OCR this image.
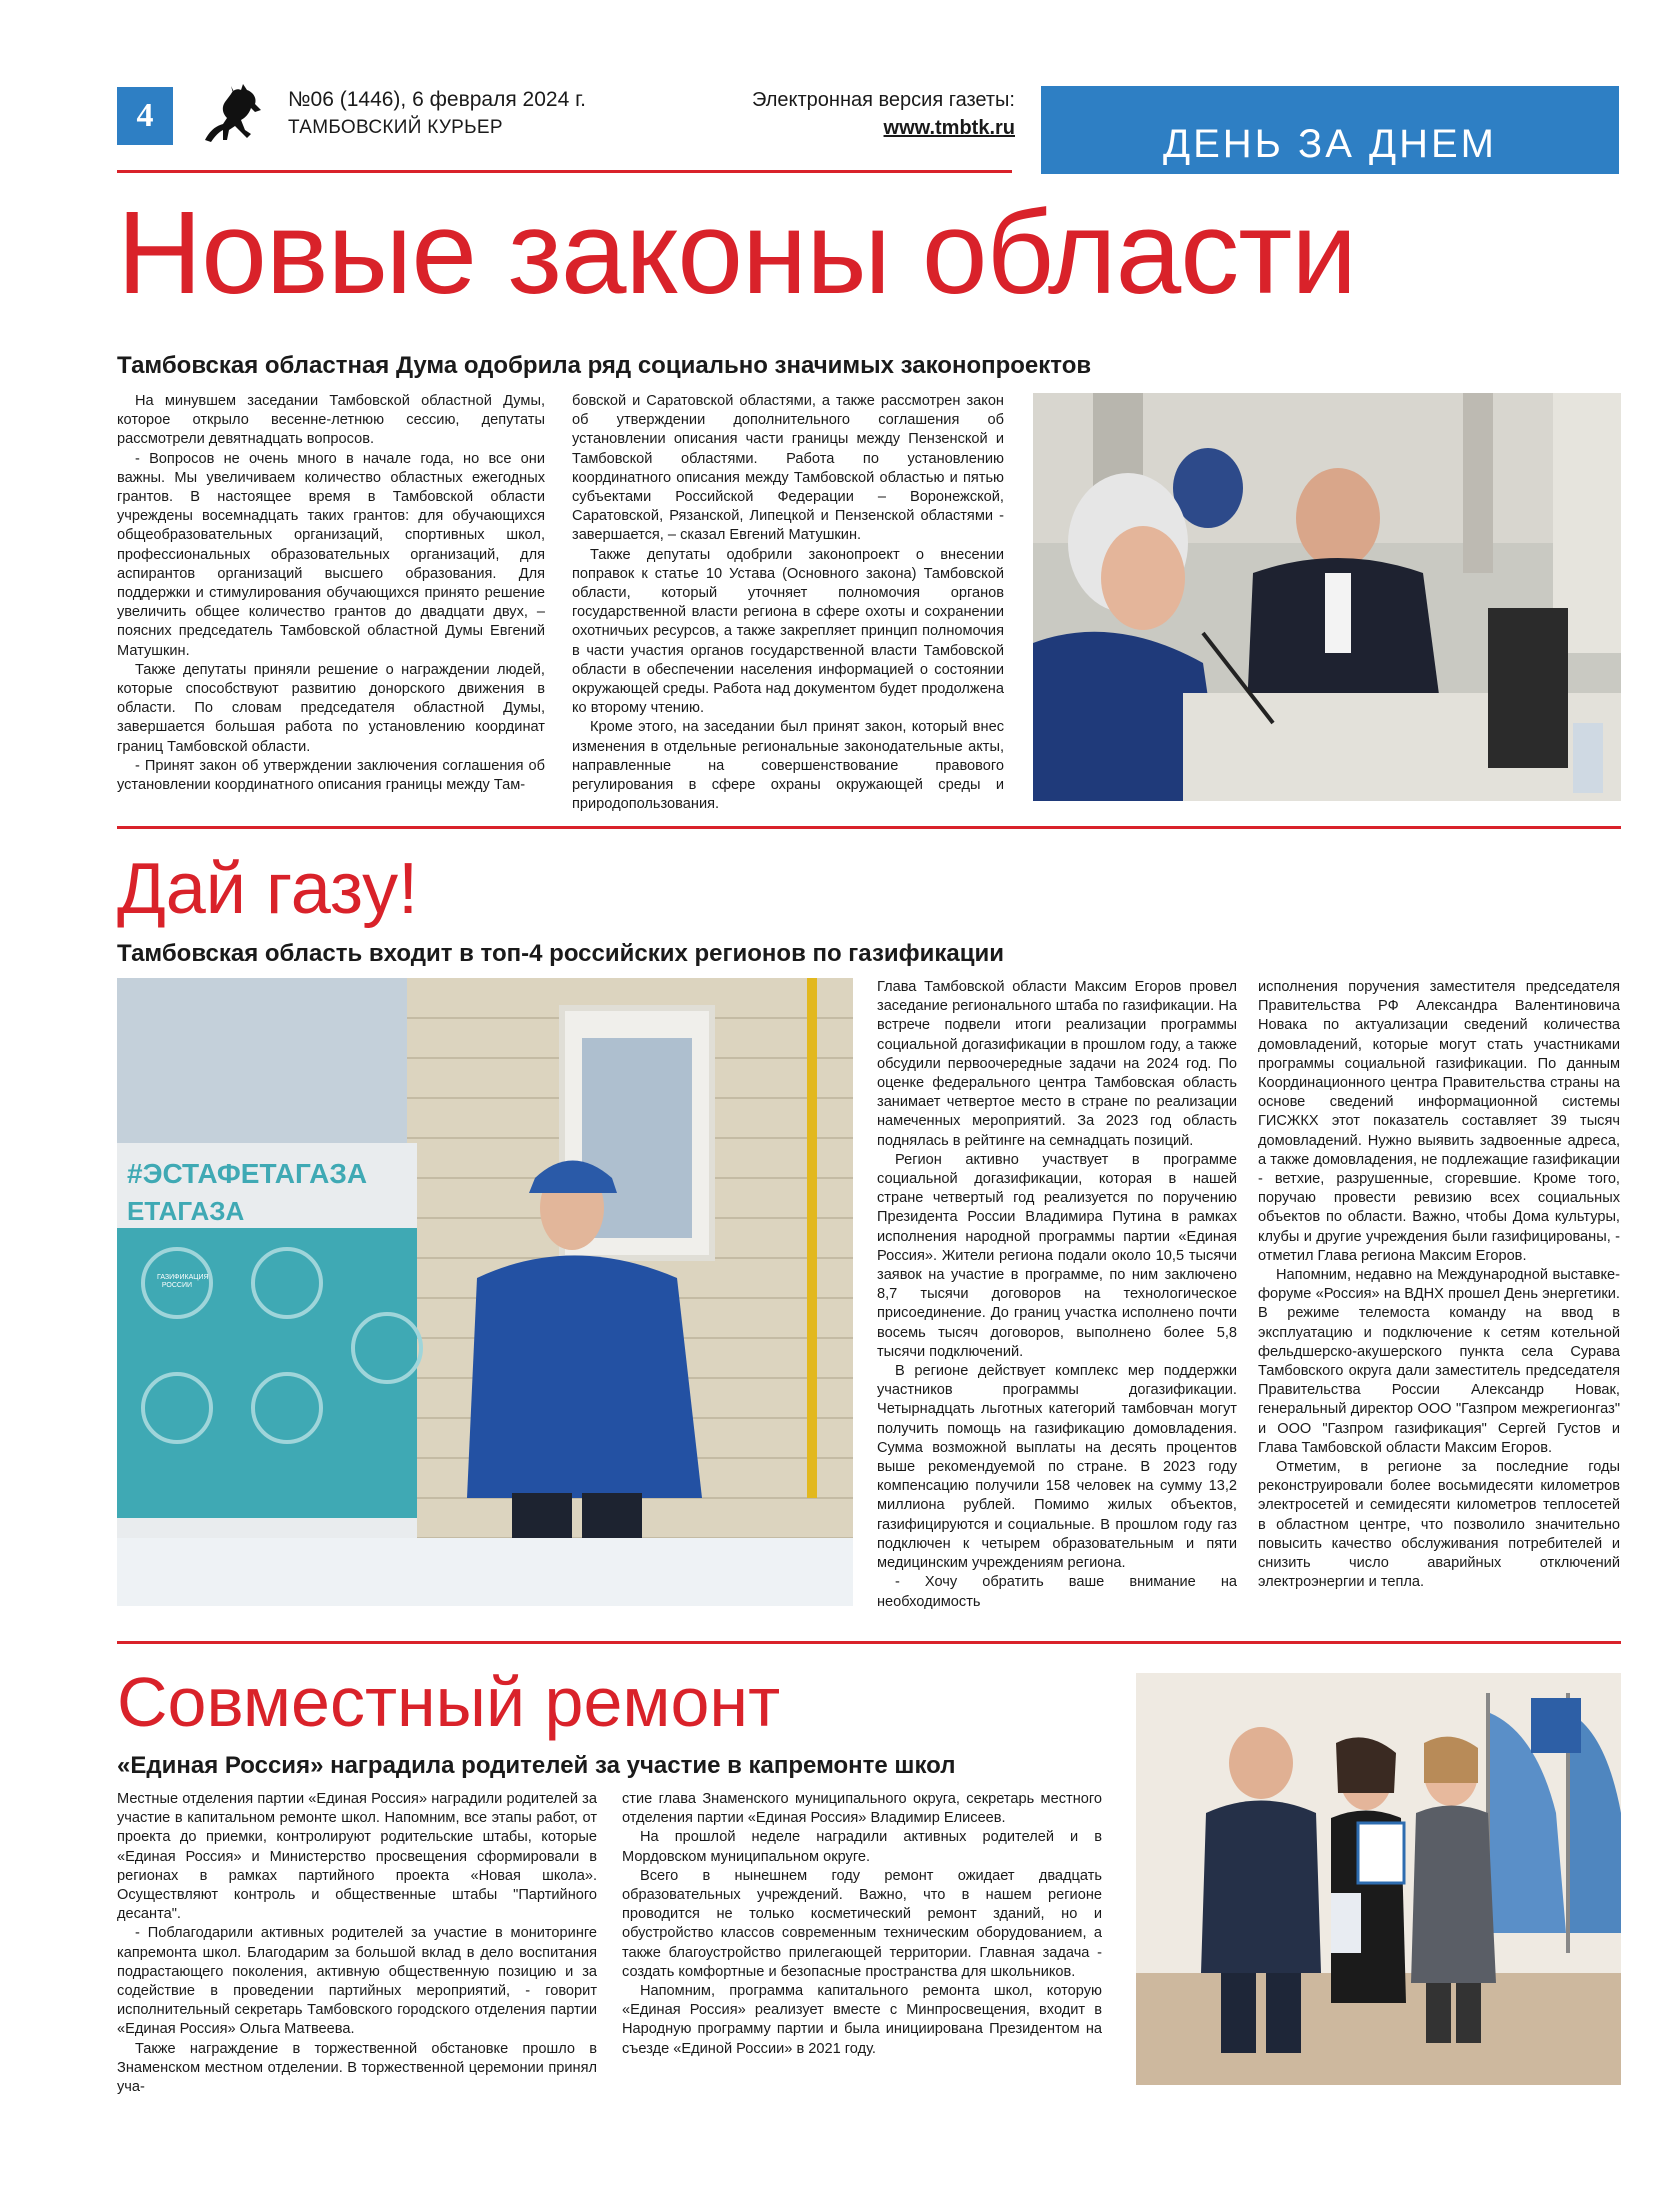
4	№06 (1446), 6 февраля 2024 г.
ТАМБОВСКИЙ КУРЬЕР
Электронная версия газеты:
www.tmbtk.ru	ДЕНЬ ЗА ДНЕМ
Новые законы области
Тамбовская областная Дума одобрила ряд социально значимых законопроектов

На минувшем заседании Тамбовской областной Думы, которое открыло весенне-летнюю сессию, депутаты рассмотрели девятнадцать вопросов.

- Вопросов не очень много в начале года, но все они важны. Мы увеличиваем количество областных ежегодных грантов. В настоящее время в Тамбовской области учреждены восемнадцать таких грантов: для обучающихся общеобразовательных организаций, спортивных школ, профессиональных образовательных организаций, для аспирантов организаций высшего образования. Для поддержки и стимулирования обучающихся принято решение увеличить общее количество грантов до двадцати двух, – поясних председатель Тамбовской областной Думы Евгений Матушкин.

Также депутаты приняли решение о награждении людей, которые способствуют развитию донорского движения в области. По словам председателя областной Думы, завершается большая работа по установлению координат границ Тамбовской области.

- Принят закон об утверждении заключения соглашения об установлении координатного описания границы между Там-

бовской и Саратовской областями, а также рассмотрен закон об утверждении дополнительного соглашения об установлении описания части границы между Пензенской и Тамбовской областями. Работа по установлению координатного описания между Тамбовской областью и пятью субъектами Российской Федерации – Воронежской, Саратовской, Рязанской, Липецкой и Пензенской областями - завершается, – сказал Евгений Матушкин.

Также депутаты одобрили законопроект о внесении поправок к статье 10 Устава (Основного закона) Тамбовской области, который уточняет полномочия органов государственной власти региона в сфере охоты и сохранении охотничьих ресурсов, а также закрепляет принцип полномочия в части участия органов государственной власти Тамбовской области в обеспечении населения информацией о состоянии окружающей среды. Работа над документом будет продолжена ко второму чтению.

Кроме этого, на заседании был принят закон, который внес изменения в отдельные региональные законодательные акты, направленные на совершенствование правового регулирования в сфере охраны окружающей среды и природопользования.

Дай газу!
Тамбовская область входит в топ-4 российских регионов по газификации
#ЭСТАФЕТАГАЗА
ЕТАГАЗА
ГАЗИФИКАЦИЯ РОССИИ

Глава Тамбовской области Максим Егоров провел заседание регионального штаба по газификации. На встрече подвели итоги реализации программы социальной догазификации в прошлом году, а также обсудили первоочередные задачи на 2024 год. По оценке федерального центра Тамбовская область занимает четвертое место в стране по реализации намеченных мероприятий. За 2023 год область поднялась в рейтинге на семнадцать позиций.

Регион активно участвует в программе социальной догазификации, которая в нашей стране четвертый год реализуется по поручению Президента России Владимира Путина в рамках исполнения народной программы партии «Единая Россия». Жители региона подали около 10,5 тысячи заявок на участие в программе, по ним заключено 8,7 тысячи договоров на технологическое присоединение. До границ участка исполнено почти восемь тысяч договоров, выполнено более 5,8 тысячи подключений.

В регионе действует комплекс мер поддержки участников программы догазификации. Четырнадцать льготных категорий тамбовчан могут получить помощь на газификацию домовладения. Сумма возможной выплаты на десять процентов выше рекомендуемой по стране. В 2023 году компенсацию получили 158 человек на сумму 13,2 миллиона рублей. Помимо жилых объектов, газифицируются и социальные. В прошлом году газ подключен к четырем образовательным и пяти медицинским учреждениям региона.

- Хочу обратить ваше внимание на необходимость

исполнения поручения заместителя председателя Правительства РФ Александра Валентиновича Новака по актуализации сведений количества домовладений, которые могут стать участниками программы социальной газификации. По данным Координационного центра Правительства страны на основе сведений информационной системы ГИСЖКХ этот показатель составляет 39 тысяч домовладений. Нужно выявить задвоенные адреса, а также домовладения, не подлежащие газификации - ветхие, разрушенные, сгоревшие. Кроме того, поручаю провести ревизию всех социальных объектов по области. Важно, чтобы Дома культуры, клубы и другие учреждения были газифицированы, - отметил Глава региона Максим Егоров.

Напомним, недавно на Международной выставке-форуме «Россия» на ВДНХ прошел День энергетики. В режиме телемоста команду на ввод в эксплуатацию и подключение к сетям котельной фельдшерско-акушерского пункта села Сурава Тамбовского округа дали заместитель председателя Правительства России Александр Новак, генеральный директор ООО "Газпром межрегионгаз" и ООО "Газпром газификация" Сергей Густов и Глава Тамбовской области Максим Егоров.

Отметим, в регионе за последние годы реконструировали более восьмидесяти километров электросетей и семидесяти километров теплосетей в областном центре, что позволило значительно повысить качество обслуживания потребителей и снизить число аварийных отключений электроэнергии и тепла.

Совместный ремонт
«Единая Россия» наградила родителей за участие в капремонте школ

Местные отделения партии «Единая Россия» наградили родителей за участие в капитальном ремонте школ. Напомним, все этапы работ, от проекта до приемки, контролируют родительские штабы, которые «Единая Россия» и Министерство просвещения сформировали в регионах в рамках партийного проекта «Новая школа». Осуществляют контроль и общественные штабы "Партийного десанта".

- Поблагодарили активных родителей за участие в мониторинге капремонта школ. Благодарим за большой вклад в дело воспитания подрастающего поколения, активную общественную позицию и за содействие в проведении партийных мероприятий, - говорит исполнительный секретарь Тамбовского городского отделения партии «Единая Россия» Ольга Матвеева.

Также награждение в торжественной обстановке прошло в Знаменском местном отделении. В торжественной церемонии принял уча-

стие глава Знаменского муниципального округа, секретарь местного отделения партии «Единая Россия» Владимир Елисеев.

На прошлой неделе наградили активных родителей и в Мордовском муниципальном округе.

Всего в нынешнем году ремонт ожидает двадцать образовательных учреждений. Важно, что в нашем регионе проводится не только косметический ремонт зданий, но и обустройство классов современным техническим оборудованием, а также благоустройство прилегающей территории. Главная задача - создать комфортные и безопасные пространства для школьников.

Напомним, программа капитального ремонта школ, которую «Единая Россия» реализует вместе с Минпросвещения, входит в Народную программу партии и была инициирована Президентом на съезде «Единой России» в 2021 году.
